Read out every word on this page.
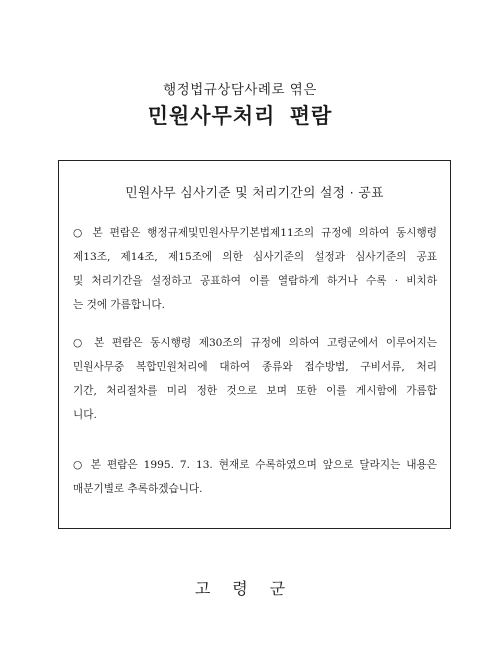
행정법규상담사례로 엮은
민원사무처리 편람
민원사무 심사기준 및 처리기간의 설정 · 공표
○ 본 편람은 행정규제및민원사무기본법제11조의 규정에 의하여 동시행령
제13조, 제14조, 제15조에 의한 심사기준의 설정과 심사기준의 공표
및 처리기간을 설정하고 공표하여 이를 열람하게 하거나 수록 · 비치하
는 것에 가름합니다.
○ 본 편람은 동시행령 제30조의 규정에 의하여 고령군에서 이루어지는
민원사무중 복합민원처리에 대하여 종류와 접수방법, 구비서류, 처리
기간, 처리절차를 미리 정한 것으로 보며 또한 이를 게시함에 가름합
니다.
○ 본 편람은 1995. 7. 13. 현재로 수록하였으며 앞으로 달라지는 내용은
매분기별로 추록하겠습니다.
고령군
